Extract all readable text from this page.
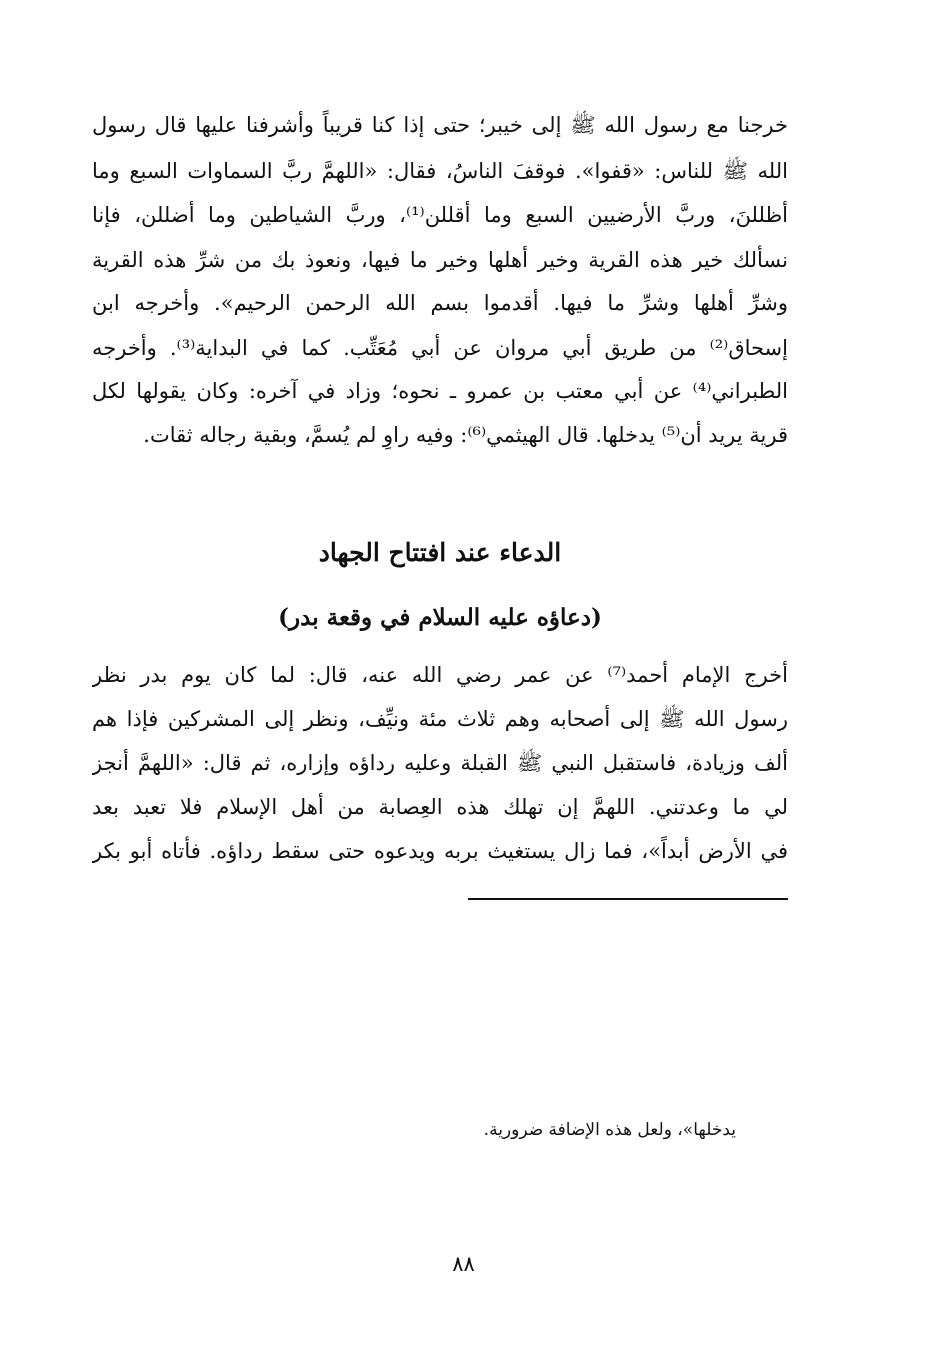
خرجنا مع رسول الله ﷺ إلى خيبر؛ حتى إذا كنا قريباً وأشرفنا عليها قال رسول
الله ﷺ للناس: «قفوا». فوقفَ الناسُ، فقال: «اللهمَّ ربَّ السماوات السبع وما
أظللنَ، وربَّ الأرضيين السبع وما أقللن⁽¹⁾، وربَّ الشياطين وما أضللن، فإنا
نسألك خير هذه القرية وخير أهلها وخير ما فيها، ونعوذ بك من شرِّ هذه القرية
وشرِّ أهلها وشرِّ ما فيها. أقدموا بسم الله الرحمن الرحيم». وأخرجه ابن
إسحاق⁽²⁾ من طريق أبي مروان عن أبي مُعَتِّب. كما في البداية⁽³⁾. وأخرجه
الطبراني⁽⁴⁾ عن أبي معتب بن عمرو ـ نحوه؛ وزاد في آخره: وكان يقولها لكل
قرية يريد أن⁽⁵⁾ يدخلها. قال الهيثمي⁽⁶⁾: وفيه راوٍ لم يُسمَّ، وبقية رجاله ثقات.
الدعاء عند افتتاح الجهاد
(دعاؤه عليه السلام في وقعة بدر)
أخرج الإمام أحمد⁽⁷⁾ عن عمر رضي الله عنه، قال: لما كان يوم بدر نظر
رسول الله ﷺ إلى أصحابه وهم ثلاث مئة ونيِّف، ونظر إلى المشركين فإذا هم
ألف وزيادة، فاستقبل النبي ﷺ القبلة وعليه رداؤه وإزاره، ثم قال: «اللهمَّ أنجز
لي ما وعدتني. اللهمَّ إن تهلك هذه العِصابة من أهل الإسلام فلا تعبد بعد
في الأرض أبداً»، فما زال يستغيث بربه ويدعوه حتى سقط رداؤه. فأتاه أبو بكر
يدخلها»، ولعل هذه الإضافة ضرورية.
٨٨
